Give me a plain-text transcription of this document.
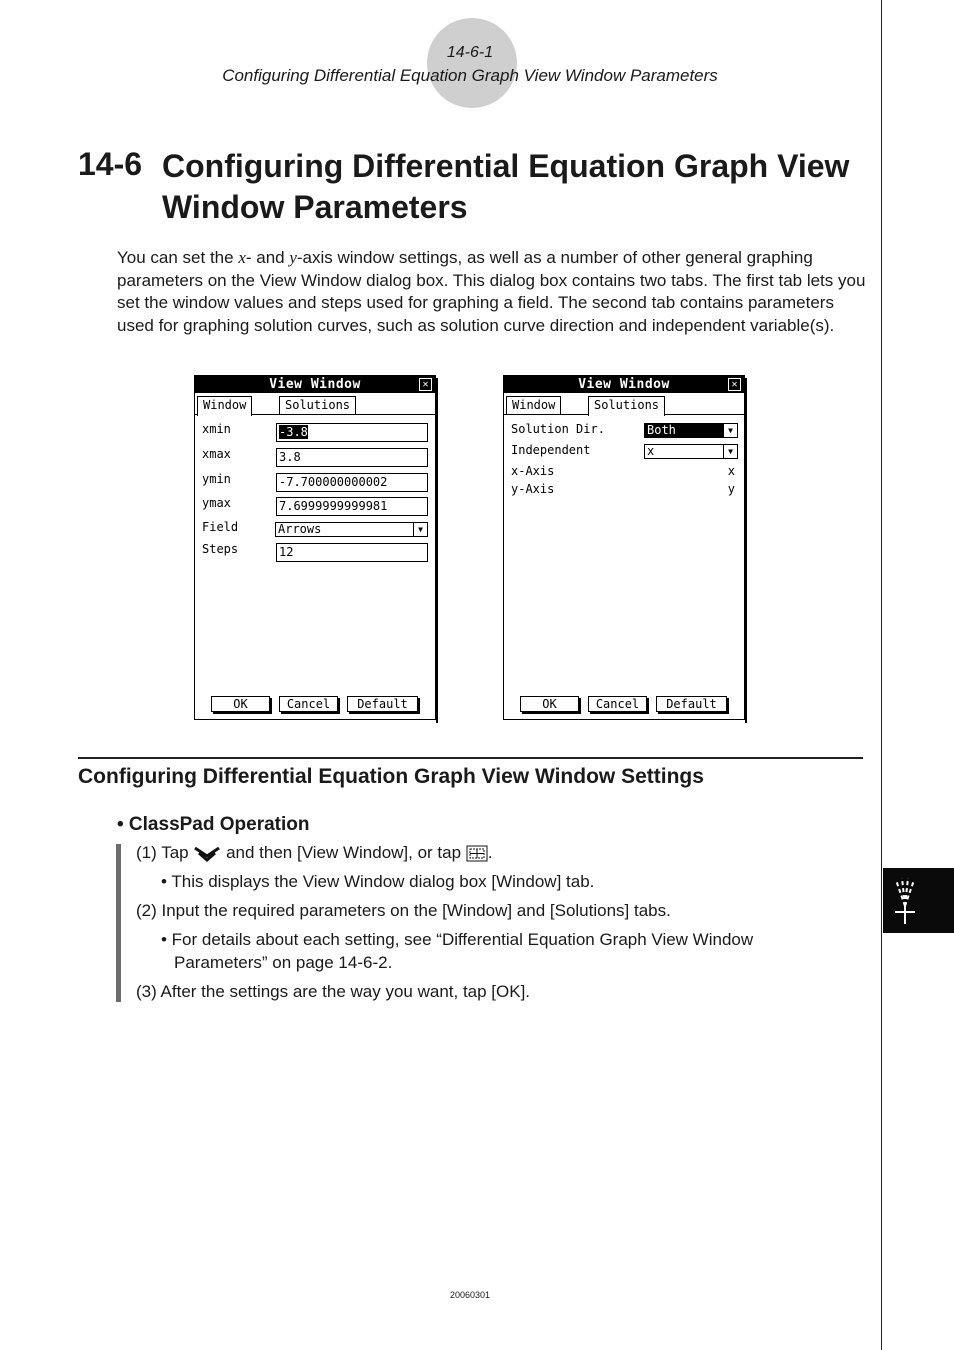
14-6-1
Configuring Differential Equation Graph View Window Parameters
14-6 Configuring Differential Equation Graph View Window Parameters

You can set the x- and y-axis window settings, as well as a number of other general graphing parameters on the View Window dialog box. This dialog box contains two tabs. The first tab lets you set the window values and steps used for graphing a field. The second tab contains parameters used for graphing solution curves, such as solution curve direction and independent variable(s).

View Window	✕
Window	Solutions
xmin	-3.8
xmax	3.8
ymin	-7.700000000002
ymax	7.6999999999981
Field	Arrows	▼
Steps	12
OK	Cancel	Default
View Window	✕
Window	Solutions
Solution Dir.	Both	▼
Independent	x	▼
x-Axis	x
y-Axis	y
OK	Cancel	Default
Configuring Differential Equation Graph View Window Settings
• ClassPad Operation
(1) Tap and then [View Window], or tap .
• This displays the View Window dialog box [Window] tab.
(2) Input the required parameters on the [Window] and [Solutions] tabs.
• For details about each setting, see “Differential Equation Graph View Window
Parameters” on page 14-6-2.
(3) After the settings are the way you want, tap [OK].
20060301
